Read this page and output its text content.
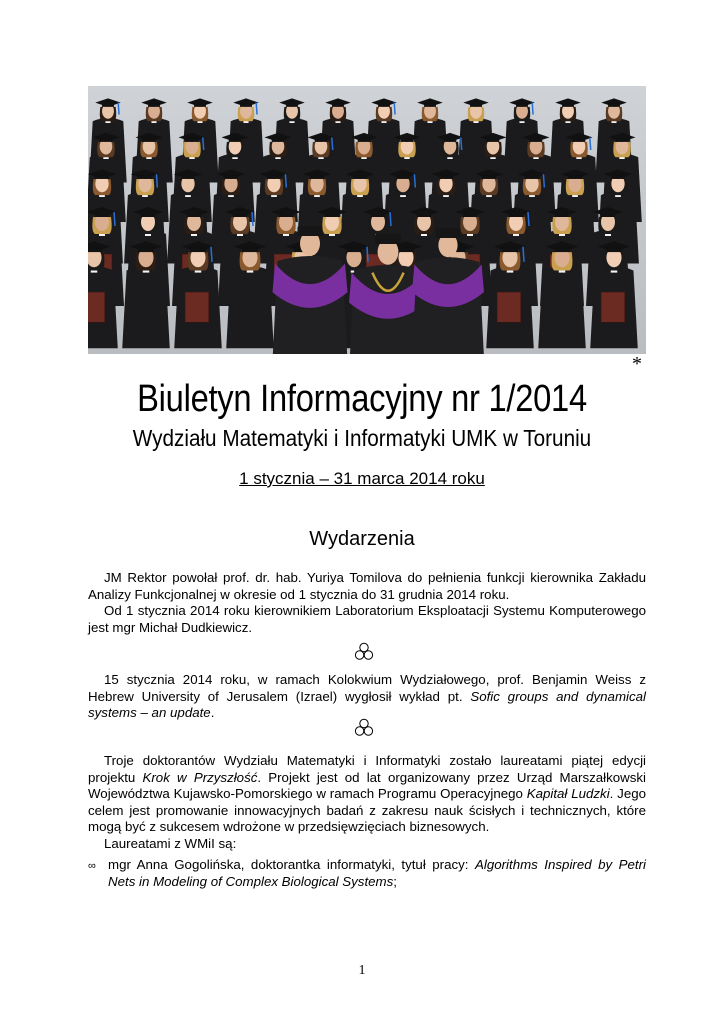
*
Biuletyn Informacyjny nr 1/2014
Wydziału Matematyki i Informatyki UMK w Toruniu
1 stycznia – 31 marca 2014 roku
Wydarzenia

JM Rektor powołał prof. dr. hab. Yuriya Tomilova do pełnienia funkcji kierownika Zakładu Analizy Funkcjonalnej w okresie od 1 stycznia do 31 grudnia 2014 roku.

Od 1 stycznia 2014 roku kierownikiem Laboratorium Eksploatacji Systemu Komputerowego jest mgr Michał Dudkiewicz.

15 stycznia 2014 roku, w ramach Kolokwium Wydziałowego, prof. Benjamin Weiss z Hebrew University of Jerusalem (Izrael) wygłosił wykład pt. Sofic groups and dynamical systems – an update.

Troje doktorantów Wydziału Matematyki i Informatyki zostało laureatami piątej edycji projektu Krok w Przyszłość. Projekt jest od lat organizowany przez Urząd Marszałkowski Województwa Kujawsko-Pomorskiego w ramach Programu Operacyjnego Kapitał Ludzki. Jego celem jest promowanie innowacyjnych badań z zakresu nauk ścisłych i technicznych, które mogą być z sukcesem wdrożone w przedsięwzięciach biznesowych.

Laureatami z WMiI są:

∞ mgr Anna Gogolińska, doktorantka informatyki, tytuł pracy: Algorithms Inspired by Petri Nets in Modeling of Complex Biological Systems;
1
